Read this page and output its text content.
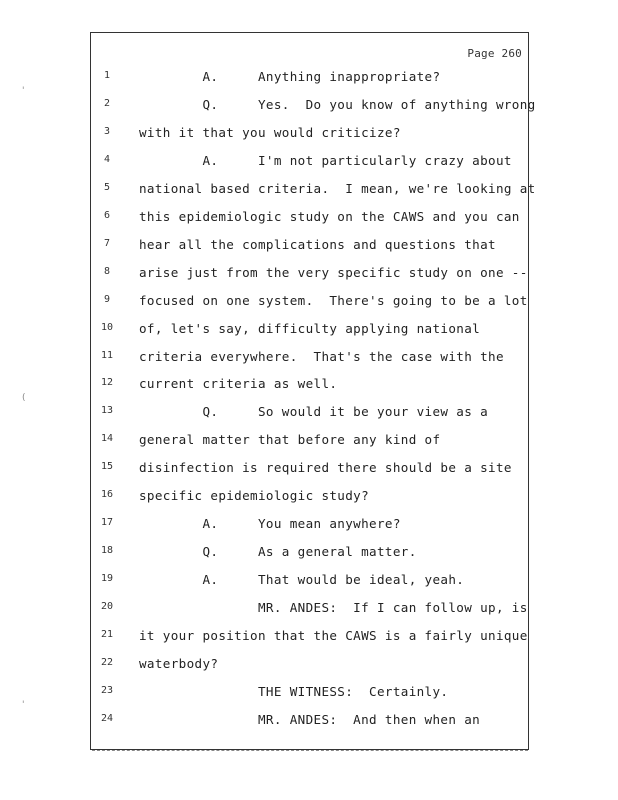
'
(
'
Page 260
1	A.     Anything inappropriate?
2	Q.     Yes.  Do you know of anything wrong
3	with it that you would criticize?
4	A.     I'm not particularly crazy about
5	national based criteria.  I mean, we're looking at
6	this epidemiologic study on the CAWS and you can
7	hear all the complications and questions that
8	arise just from the very specific study on one --
9	focused on one system.  There's going to be a lot
10	of, let's say, difficulty applying national
11	criteria everywhere.  That's the case with the
12	current criteria as well.
13	Q.     So would it be your view as a
14	general matter that before any kind of
15	disinfection is required there should be a site
16	specific epidemiologic study?
17	A.     You mean anywhere?
18	Q.     As a general matter.
19	A.     That would be ideal, yeah.
20	MR. ANDES:  If I can follow up, is
21	it your position that the CAWS is a fairly unique
22	waterbody?
23	THE WITNESS:  Certainly.
24	MR. ANDES:  And then when an
